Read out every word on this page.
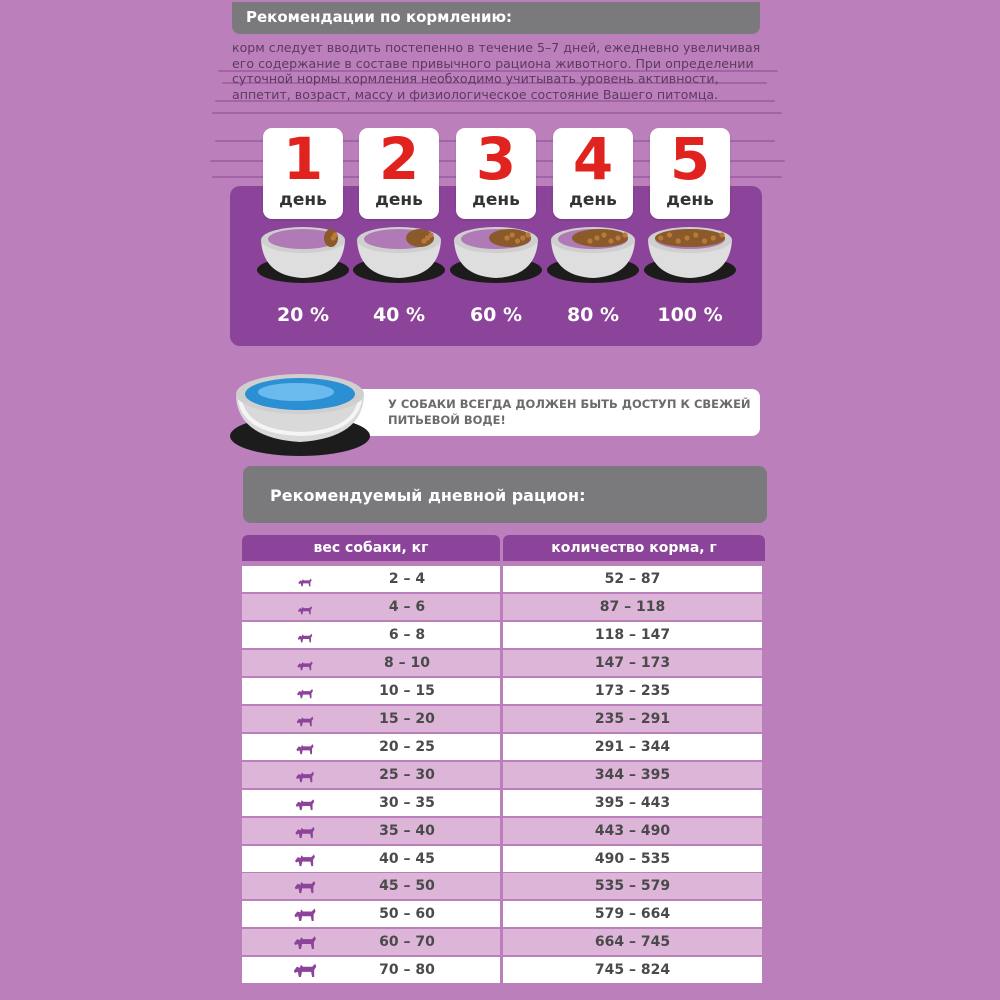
Рекомендации по кормлению:
корм следует вводить постепенно в течение 5–7 дней, ежедневно увеличивая его содержание в составе привычного рациона животного. При определении суточной нормы кормления необходимо учитывать уровень активности, аппетит, возраст, массу и физиологическое состояние Вашего питомца.
1
день
20 %
2
день
40 %
3
день
60 %
4
день
80 %
5
день
100 %
У СОБАКИ ВСЕГДА ДОЛЖЕН БЫТЬ ДОСТУП К СВЕЖЕЙ ПИТЬЕВОЙ ВОДЕ!
Рекомендуемый дневной рацион:
вес собаки, кг	количество корма, г
2 – 4	52 – 87
4 – 6	87 – 118
6 – 8	118 – 147
8 – 10	147 – 173
10 – 15	173 – 235
15 – 20	235 – 291
20 – 25	291 – 344
25 – 30	344 – 395
30 – 35	395 – 443
35 – 40	443 – 490
40 – 45	490 – 535
45 – 50	535 – 579
50 – 60	579 – 664
60 – 70	664 – 745
70 – 80	745 – 824
